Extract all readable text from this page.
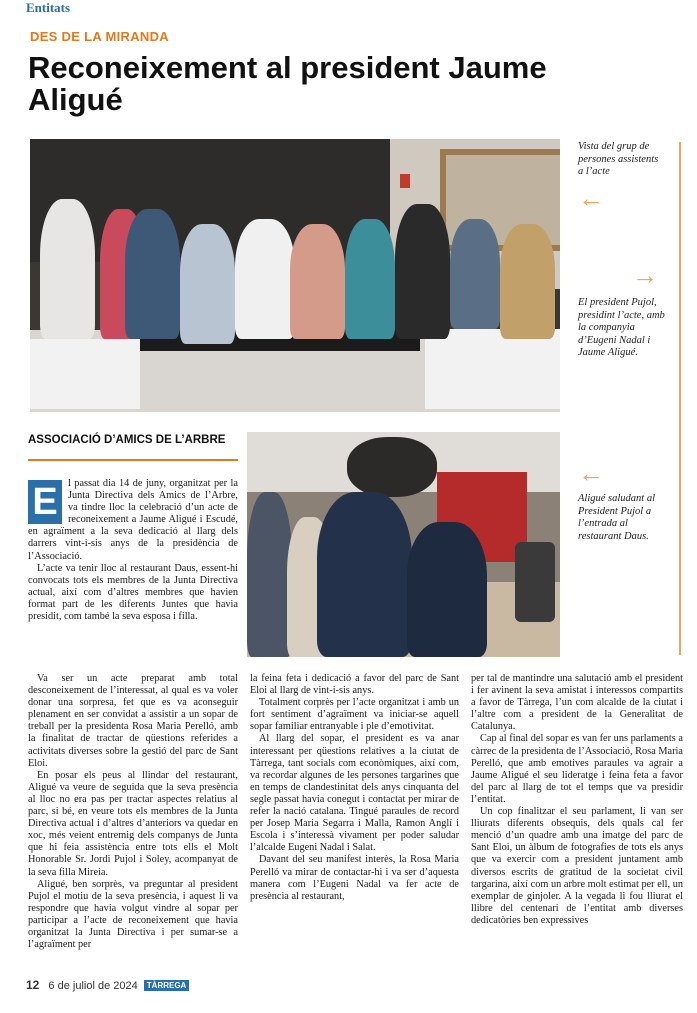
Entitats
DES DE LA MIRANDA
Reconeixement al president Jaume Aligué
Vista del grup de persones assistents a l’acte
←
→
El president Pujol, presidint l’acte, amb la companyia d’Eugeni Nadal i Jaume Aligué.
ASSOCIACIÓ D’AMICS DE L’ARBRE
←
Aligué saludant al President Pujol a l’entrada al restaurant Daus.

E	l passat dia 14 de juny, organitzat per la Junta Directiva dels Amics de l’Arbre, va tindre lloc la celebració d’un acte de reconeixement a Jaume Aligué i Escudé, en agraïment a la seva dedicació al llarg dels darrers vint-i-sis anys de la presidència de l’Associació.

L’acte va tenir lloc al restaurant Daus, essent-hi convocats tots els membres de la Junta Directiva actual, així com d’altres membres que havien format part de les diferents Juntes que havia presidit, com també la seva esposa i filla.

Va ser un acte preparat amb total desconeixement de l’interessat, al qual es va voler donar una sorpresa, fet que es va aconseguir plenament en ser convidat a assistir a un sopar de treball per la presidenta Rosa Maria Perelló, amb la finalitat de tractar de qüestions referides a activitats diverses sobre la gestió del parc de Sant Eloi.

En posar els peus al llindar del restaurant, Aligué va veure de seguida que la seva presència al lloc no era pas per tractar aspectes relatius al parc, si bé, en veure tots els membres de la Junta Directiva actual i d’altres d’anteriors va quedar en xoc, més veient entremig dels companys de Junta que hi feia assistència entre tots ells el Molt Honorable Sr. Jordi Pujol i Soley, acompanyat de la seva filla Mireia.

Aligué, ben sorprès, va preguntar al president Pujol el motiu de la seva presència, i aquest li va respondre que havia volgut vindre al sopar per participar a l’acte de reconeixement que havia organitzat la Junta Directiva i per sumar-se a l’agraïment per

la feina feta i dedicació a favor del parc de Sant Eloi al llarg de vint-i-sis anys.

Totalment corprès per l’acte organitzat i amb un fort sentiment d’agraïment va iniciar-se aquell sopar familiar entranyable i ple d’emotivitat.

Al llarg del sopar, el president es va anar interessant per qüestions relatives a la ciutat de Tàrrega, tant socials com econòmiques, així com, va recordar algunes de les persones targarines que en temps de clandestinitat dels anys cinquanta del segle passat havia conegut i contactat per mirar de refer la nació catalana. Tingué paraules de record per Josep Maria Segarra i Malla, Ramon Anglí i Escola i s’interessà vivament per poder saludar l’alcalde Eugeni Nadal i Salat.

Davant del seu manifest interès, la Rosa Maria Perelló va mirar de contactar-hi i va ser d’aquesta manera com l’Eugeni Nadal va fer acte de presència al restaurant,

per tal de mantindre una salutació amb el president i fer avinent la seva amistat i interessos compartits a favor de Tàrrega, l’un com alcalde de la ciutat i l’altre com a president de la Generalitat de Catalunya.

Cap al final del sopar es van fer uns parlaments a càrrec de la presidenta de l’Associació, Rosa Maria Perelló, que amb emotives paraules va agrair a Jaume Aligué el seu lideratge i feina feta a favor del parc al llarg de tot el temps que va presidir l’entitat.

Un cop finalitzar el seu parlament, li van ser lliurats diferents obsequis, dels quals cal fer menció d’un quadre amb una imatge del parc de Sant Eloi, un àlbum de fotografies de tots els anys que va exercir com a president juntament amb diversos escrits de gratitud de la societat civil targarina, així com un arbre molt estimat per ell, un exemplar de ginjoler. A la vegada li fou lliurat el llibre del centenari de l’entitat amb diverses dedicatòries ben expressives

12 6 de juliol de 2024 TÀRREGA
